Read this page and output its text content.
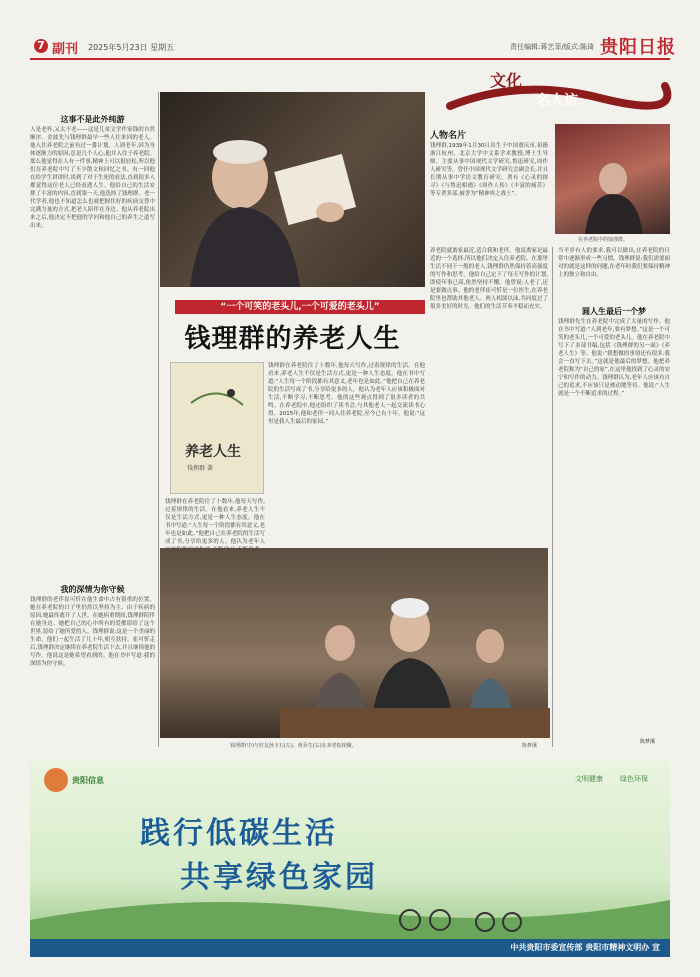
7 副刊 2025年5月23日 星期五	责任编辑:蒋艺菲/版式:陈琦 贵阳日报
钱理群近影。
这事不是此外纯游
人是老怀,又太不老——这是儿童文学作家钱的自然顺序。金波先与钱理群最早一些人往来回的老人。他入住养老院之前有过一番计划。人到老年,因为身体逐渐力的原因,总是几个人心,他并入住于养老院。那么他觉得在人有一件事,精神上可以很轻松,所以他们在养老院中写了不少散文和回忆之书。有一回他在给学生讲讲时,谈到了对于生死的看法,直到很多人都觉得这位老人已经看透人生。他给自己的生活安排了丰富的内容,直到第一天,他选择了钱理群。老一代学者,他也不知道怎么也就把握住好的疾病交替中完满力量的方式,把老人陪伴在身边。他从养老院出来之后,他决定不把他的学问和他自己的养生之道写出来。
我的深情为你守候
钱理群的老伴崔可忻在他生命中占有很重的位置。她在养老院的日子里仍然以坚持为主。由于疾病的原因,她最终离开了人世。在她病重期间,钱理群陪伴在她身边。她把自己的心中所有的爱都留给了这个世界,留给了她所爱的人。钱理群说:这是一个美丽的生命。他们一起生活了几十年,相互扶持。崔可忻走后,钱理群决定继续在养老院生活下去,并且继续他的写作。他说这是她希望看到的。他在书中写道:我的深情为你守候。
文化
名人访
人物名片
钱理群,1939年1月30日出生于中国重庆市,祖籍浙江杭州。北京大学中文系学术教授,博士生导师。主要从事中国现代文学研究,鲁迅研究,周作人研究等。曾任中国现代文学研究会副会长,并且长期从事中学语文教育研究。著有《心灵的探寻》《与鲁迅相遇》《周作人传》《丰富的痛苦》等专著多部,被誉为“精神界之战士”。
在养老院中的钱理群。
养老院就离家最近,适合我和老伴。他说离家是最近的一个选择,所以他们决定入住养老院。在那里生活不同于一般的老人,钱理群仍然保持着高强度的写作和思考。他给自己定下了每天写作的计划,即使年事已高,依然坚持不懈。他曾说:人老了,还是要做点事。他的老伴崔可忻是一位医生,在养老院里也帮助其他老人。两人相濡以沫,共同度过了很多美好的时光。他们的生活节奏平稳而充实。
当半岁有人的要求,我可以做出,在养老院的日常中逐渐形成一些习惯。钱理群说:我们需要面对的就是这样的问题,在老年时我们要保持精神上的独立和自由。
圆人生最后一个梦
钱理群先生在养老院中完成了大量的写作。他在书中写道:“人到老年,要有梦想。”这是一个可笑的老头儿,一个可爱的老头儿。他在养老院中写下了多部书稿,包括《钱理群的另一面》《养老人生》等。他说:“我想做的事情还有很多,我会一直写下去。”这就是他最后的梦想。他把养老院称为“自己的家”,在这里他找到了心灵的安宁和写作的动力。钱理群认为,老年人应该有自己的追求,不应该只是被动地等待。他说:“人生就是一个不断追求的过程。”
陈梦溪
“一个可笑的老头儿,一个可爱的老头儿”
钱理群的养老人生
养老人生
钱理群 著
钱理群在养老院住了十数年,他每天写作,过着规律的生活。在他看来,养老人生不仅是生活方式,更是一种人生态度。他在书中写道:“人生每一个阶段都有其意义,老年也是如此。”他把自己在养老院的生活写成了书,分享给更多的人。他认为老年人应该积极面对生活,不断学习,不断思考。他的这些观点得到了很多读者的共鸣。在养老院中,他还组织了读书会,与其他老人一起交流读书心得。2015年,他和老伴一同入住养老院,至今已有十年。他说:“这里是我人生最后的家园。”
钱理群在养老院住了十数年,他每天写作,过着规律的生活。在他看来,养老人生不仅是生活方式,更是一种人生态度。他在书中写道:“人生每一个阶段都有其意义,老年也是如此。”他把自己在养老院的生活写成了书,分享给更多的人。他认为老年人
钱理群(中)与好友孙玉石(左)、黄乔生(右)在养老院相聚。	陈梦溪
贵阳信息	文明健康 绿色环保
践行低碳生活
共享绿色家园
中共贵阳市委宣传部 贵阳市精神文明办 宣
